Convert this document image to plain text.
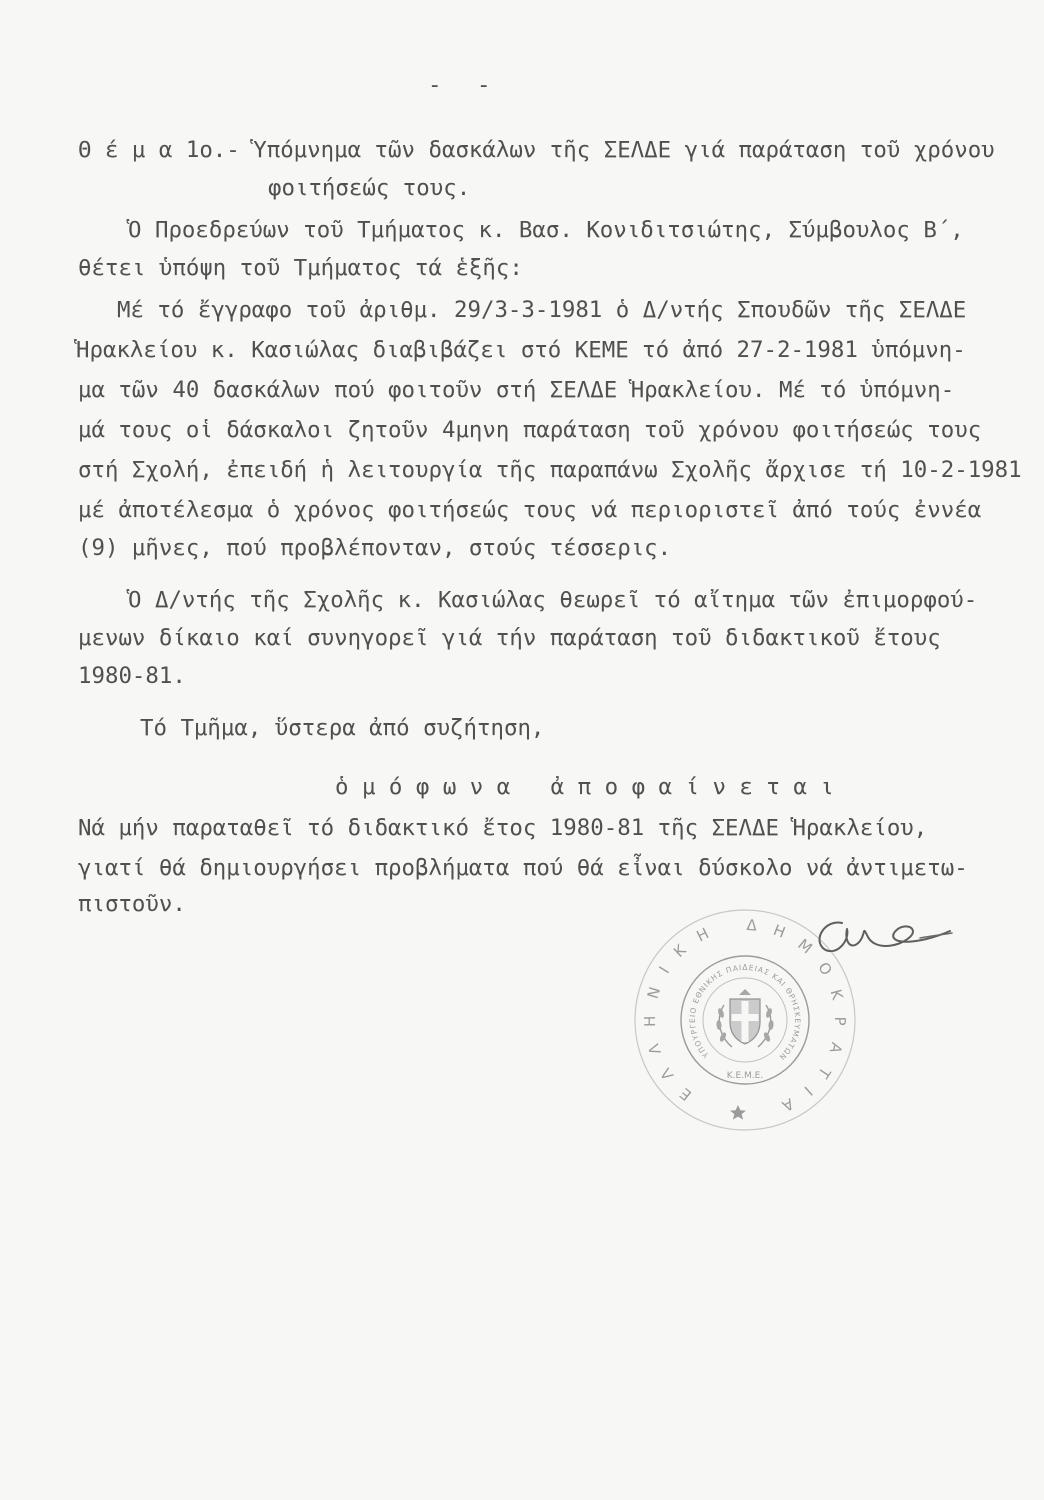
- -
Θ έ μ α 1ο.- Ὑπόμνημα τῶν δασκάλων τῆς ΣΕΛΔΕ γιά παράταση τοῦ χρόνου
φοιτήσεώς τους.
Ὁ Προεδρεύων τοῦ Τμήματος κ. Βασ. Κονιδιτσιώτης, Σύμβουλος Β΄,
θέτει ὑπόψη τοῦ Τμήματος τά ἑξῆς:
Μέ τό ἔγγραφο τοῦ ἀριθμ. 29/3-3-1981 ὁ Δ/ντής Σπουδῶν τῆς ΣΕΛΔΕ
Ἡρακλείου κ. Κασιώλας διαβιβάζει στό ΚΕΜΕ τό ἀπό 27-2-1981 ὑπόμνη-
μα τῶν 40 δασκάλων πού φοιτοῦν στή ΣΕΛΔΕ Ἡρακλείου. Μέ τό ὑπόμνη-
μά τους οἱ δάσκαλοι ζητοῦν 4μηνη παράταση τοῦ χρόνου φοιτήσεώς τους
στή Σχολή, ἐπειδή ἡ λειτουργία τῆς παραπάνω Σχολῆς ἄρχισε τή 10-2-1981
μέ ἀποτέλεσμα ὁ χρόνος φοιτήσεώς τους νά περιοριστεῖ ἀπό τούς ἐννέα
(9) μῆνες, πού προβλέπονταν, στούς τέσσερις.
Ὁ Δ/ντής τῆς Σχολῆς κ. Κασιώλας θεωρεῖ τό αἴτημα τῶν ἐπιμορφού-
μενων δίκαιο καί συνηγορεῖ γιά τήν παράταση τοῦ διδακτικοῦ ἔτους
1980-81.
Τό Τμῆμα, ὕστερα ἀπό συζήτηση,
ὁ μ ό φ ω ν α   ἀ π ο φ α ί ν ε τ α ι
Νά μήν παραταθεῖ τό διδακτικό ἔτος 1980-81 τῆς ΣΕΛΔΕ Ἡρακλείου,
γιατί θά δημιουργήσει προβλήματα πού θά εἶναι δύσκολο νά ἀντιμετω-
πιστοῦν.
ΕΛΛΗΝΙΚΗ ΔΗΜΟΚΡΑΤΙΑ
ΥΠΟΥΡΓΕΙΟ ΕΘΝΙΚΗΣ ΠΑΙΔΕΙΑΣ ΚΑΙ ΘΡΗΣΚΕΥΜΑΤΩΝ
Κ.Ε.Μ.Ε.
